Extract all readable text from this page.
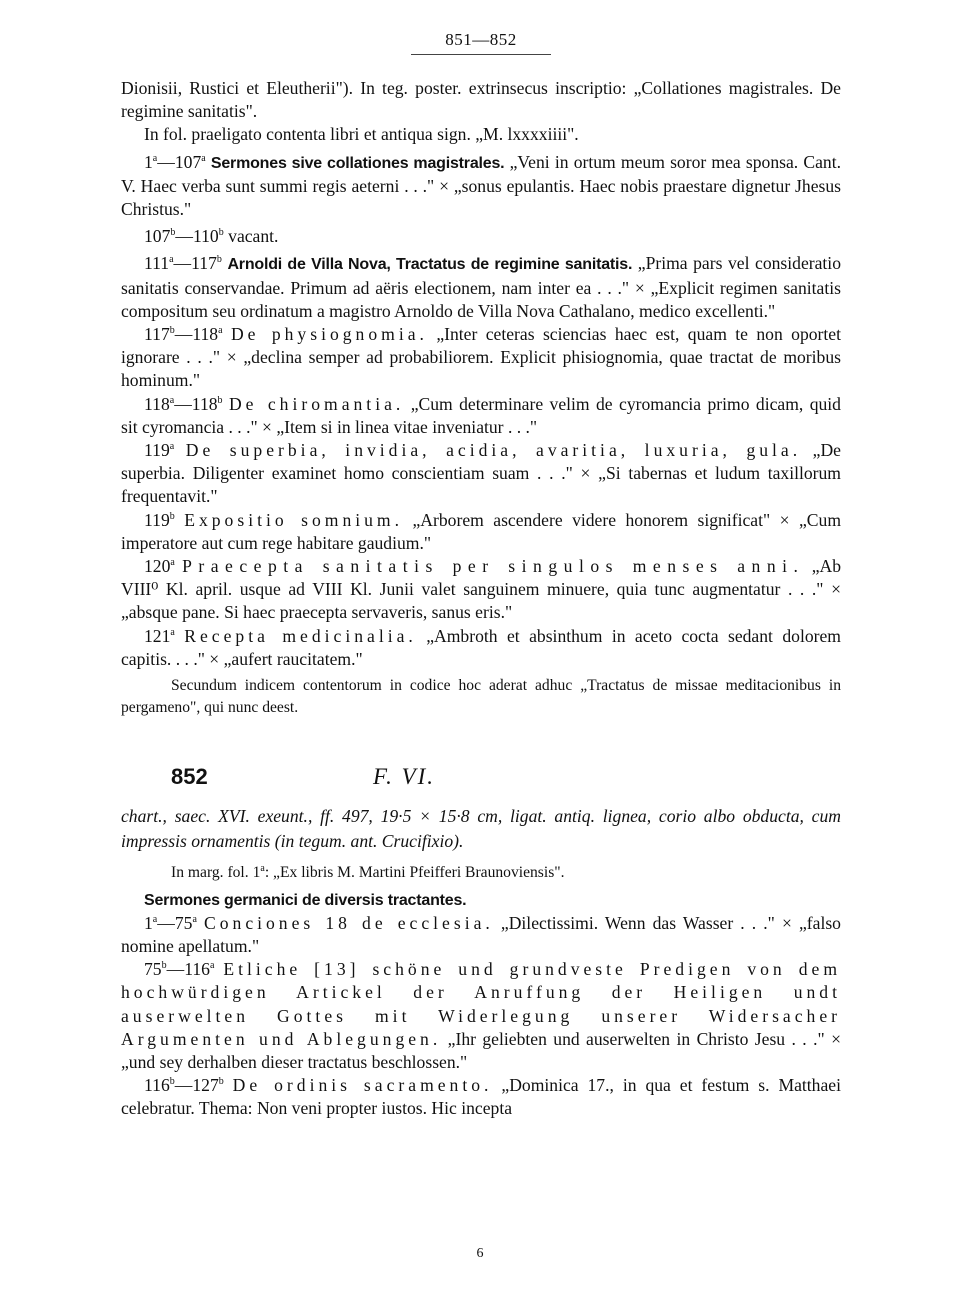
851—852

Dionisii, Rustici et Eleutherii"). In teg. poster. extrinsecus inscriptio: „Collationes magistrales. De regimine sanitatis".

In fol. praeligato contenta libri et antiqua sign. „M. lxxxxiiii".

1$^a$—107$^a$ Sermones sive collationes magistrales. „Veni in ortum meum soror mea sponsa. Cant. V. Haec verba sunt summi regis aeterni . . ." × „sonus epulantis. Haec nobis praestare dignetur Jhesus Christus."

107$^b$—110$^b$ vacant.

111$^a$—117$^b$ Arnoldi de Villa Nova, Tractatus de regimine sanitatis. „Prima pars vel consideratio sanitatis conservandae. Primum ad aëris electionem, nam inter ea . . ." × „Explicit regimen sanitatis compositum seu ordinatum a magistro Arnoldo de Villa Nova Cathalano, medico excellenti."

117$^b$—118$^a$ De physiognomia. „Inter ceteras sciencias haec est, quam te non oportet ignorare . . ." × „declina semper ad probabiliorem. Explicit phisiognomia, quae tractat de moribus hominum."

118$^a$—118$^b$ De chiromantia. „Cum determinare velim de cyromancia primo dicam, quid sit cyromancia . . ." × „Item si in linea vitae inveniatur . . ."

119$^a$ De superbia, invidia, acidia, avaritia, luxuria, gula. „De superbia. Diligenter examinet homo conscientiam suam . . ." × „Si tabernas et ludum taxillorum frequentavit."

119$^b$ Expositio somnium. „Arborem ascendere videre honorem significat" × „Cum imperatore aut cum rege habitare gaudium."

120$^a$ Praecepta sanitatis per singulos menses anni. „Ab VIII⁰ Kl. april. usque ad VIII Kl. Junii valet sanguinem minuere, quia tunc augmentatur . . ." × „absque pane. Si haec praecepta servaveris, sanus eris."

121$^a$ Recepta medicinalia. „Ambroth et absinthum in aceto cocta sedant dolorem capitis. . . ." × „aufert raucitatem."

Secundum indicem contentorum in codice hoc aderat adhuc „Tractatus de missae meditacionibus in pergameno", qui nunc deest.

852	F. VI.

chart., saec. XVI. exeunt., ff. 497, 19·5 × 15·8 cm, ligat. antiq. lignea, corio albo obducta, cum impressis ornamentis (in tegum. ant. Crucifixio).

In marg. fol. 1$^a$: „Ex libris M. Martini Pfeifferi Braunoviensis".

Sermones germanici de diversis tractantes.

1$^a$—75$^a$ Conciones 18 de ecclesia. „Dilectissimi. Wenn das Wasser . . ." × „falso nomine apellatum."

75$^b$—116$^a$ Etliche [13] schöne und grundveste Predigen von dem hochwürdigen Artickel der Anruffung der Heiligen undt auserwelten Gottes mit Widerlegung unserer Widersacher Argumenten und Ablegungen. „Ihr geliebten und auserwelten in Christo Jesu . . ." × „und sey derhalben dieser tractatus beschlossen."

116$^b$—127$^b$ De ordinis sacramento. „Dominica 17., in qua et festum s. Matthaei celebratur. Thema: Non veni propter iustos. Hic incepta

6
